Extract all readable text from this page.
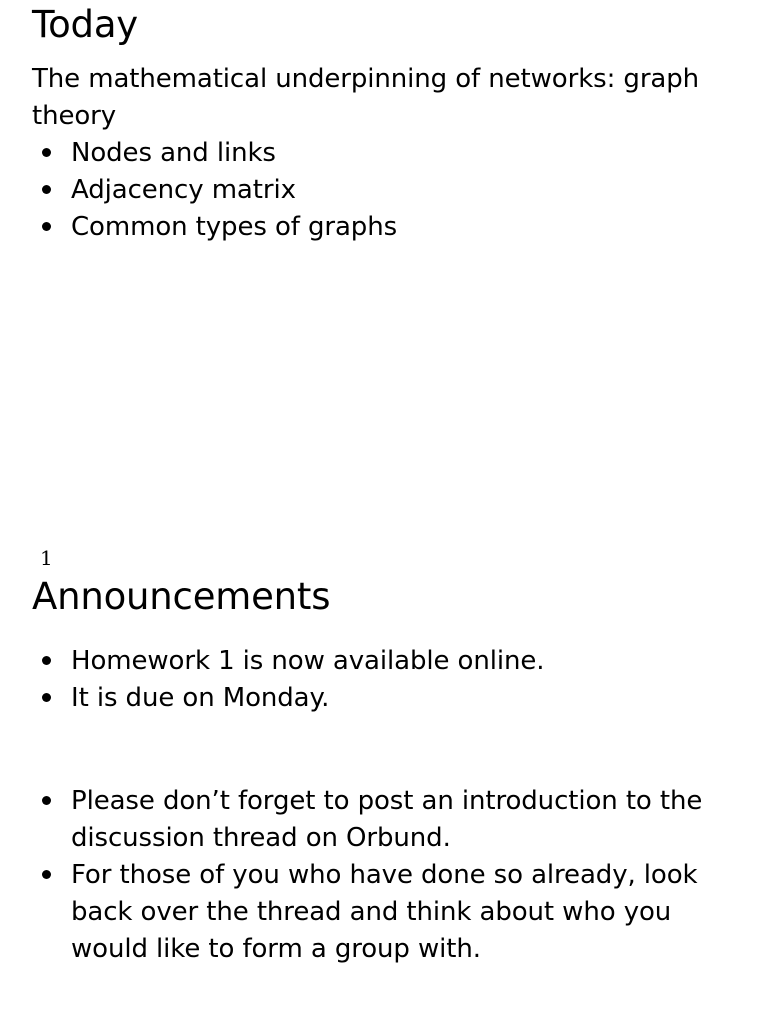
Today

The mathematical underpinning of networks: graph theory

Nodes and links
Adjacency matrix
Common types of graphs
1
Announcements
Homework 1 is now available online.
It is due on Monday.
Please don’t forget to post an introduction to the discussion thread on Orbund.
For those of you who have done so already, look back over the thread and think about who you would like to form a group with.
